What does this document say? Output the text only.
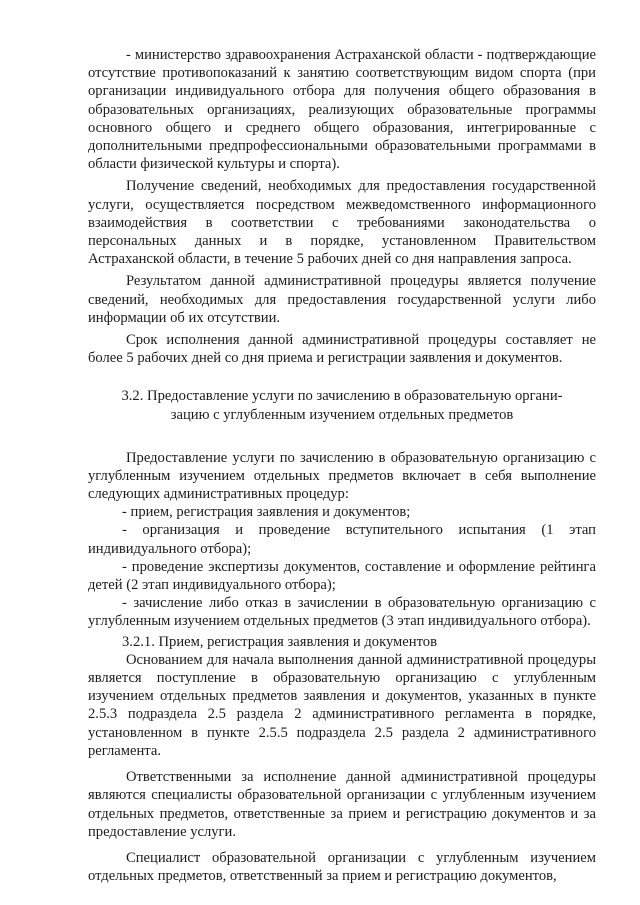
- министерство здравоохранения Астраханской области - подтверждающие отсутствие противопоказаний к занятию соответствующим видом спорта (при организации индивидуального отбора для получения общего образования в образовательных организациях, реализующих образовательные программы основного общего и среднего общего образования, интегрированные с дополнительными предпрофессиональными образовательными программами в области физической культуры и спорта).

Получение сведений, необходимых для предоставления государственной услуги, осуществляется посредством межведомственного информационного взаимодействия в соответствии с требованиями законодательства о персональных данных и в порядке, установленном Правительством Астраханской области, в течение 5 рабочих дней со дня направления запроса.

Результатом данной административной процедуры является получение сведений, необходимых для предоставления государственной услуги либо информации об их отсутствии.

Срок исполнения данной административной процедуры составляет не более 5 рабочих дней со дня приема и регистрации заявления и документов.

3.2. Предоставление услуги по зачислению в образовательную органи-
зацию с углубленным изучением отдельных предметов

Предоставление услуги по зачислению в образовательную организацию с углубленным изучением отдельных предметов включает в себя выполнение следующих административных процедур:

- прием, регистрация заявления и документов;

- организация и проведение вступительного испытания (1 этап индивидуального отбора);

- проведение экспертизы документов, составление и оформление рейтинга детей (2 этап индивидуального отбора);

- зачисление либо отказ в зачислении в образовательную организацию с углубленным изучением отдельных предметов (3 этап индивидуального отбора).

3.2.1. Прием, регистрация заявления и документов

Основанием для начала выполнения данной административной процедуры является поступление в образовательную организацию с углубленным изучением отдельных предметов заявления и документов, указанных в пункте 2.5.3 подраздела 2.5 раздела 2 административного регламента в порядке, установленном в пункте 2.5.5 подраздела 2.5 раздела 2 административного регламента.

Ответственными за исполнение данной административной процедуры являются специалисты образовательной организации с углубленным изучением отдельных предметов, ответственные за прием и регистрацию документов и за предоставление услуги.

Специалист образовательной организации с углубленным изучением отдельных предметов, ответственный за прием и регистрацию документов,
